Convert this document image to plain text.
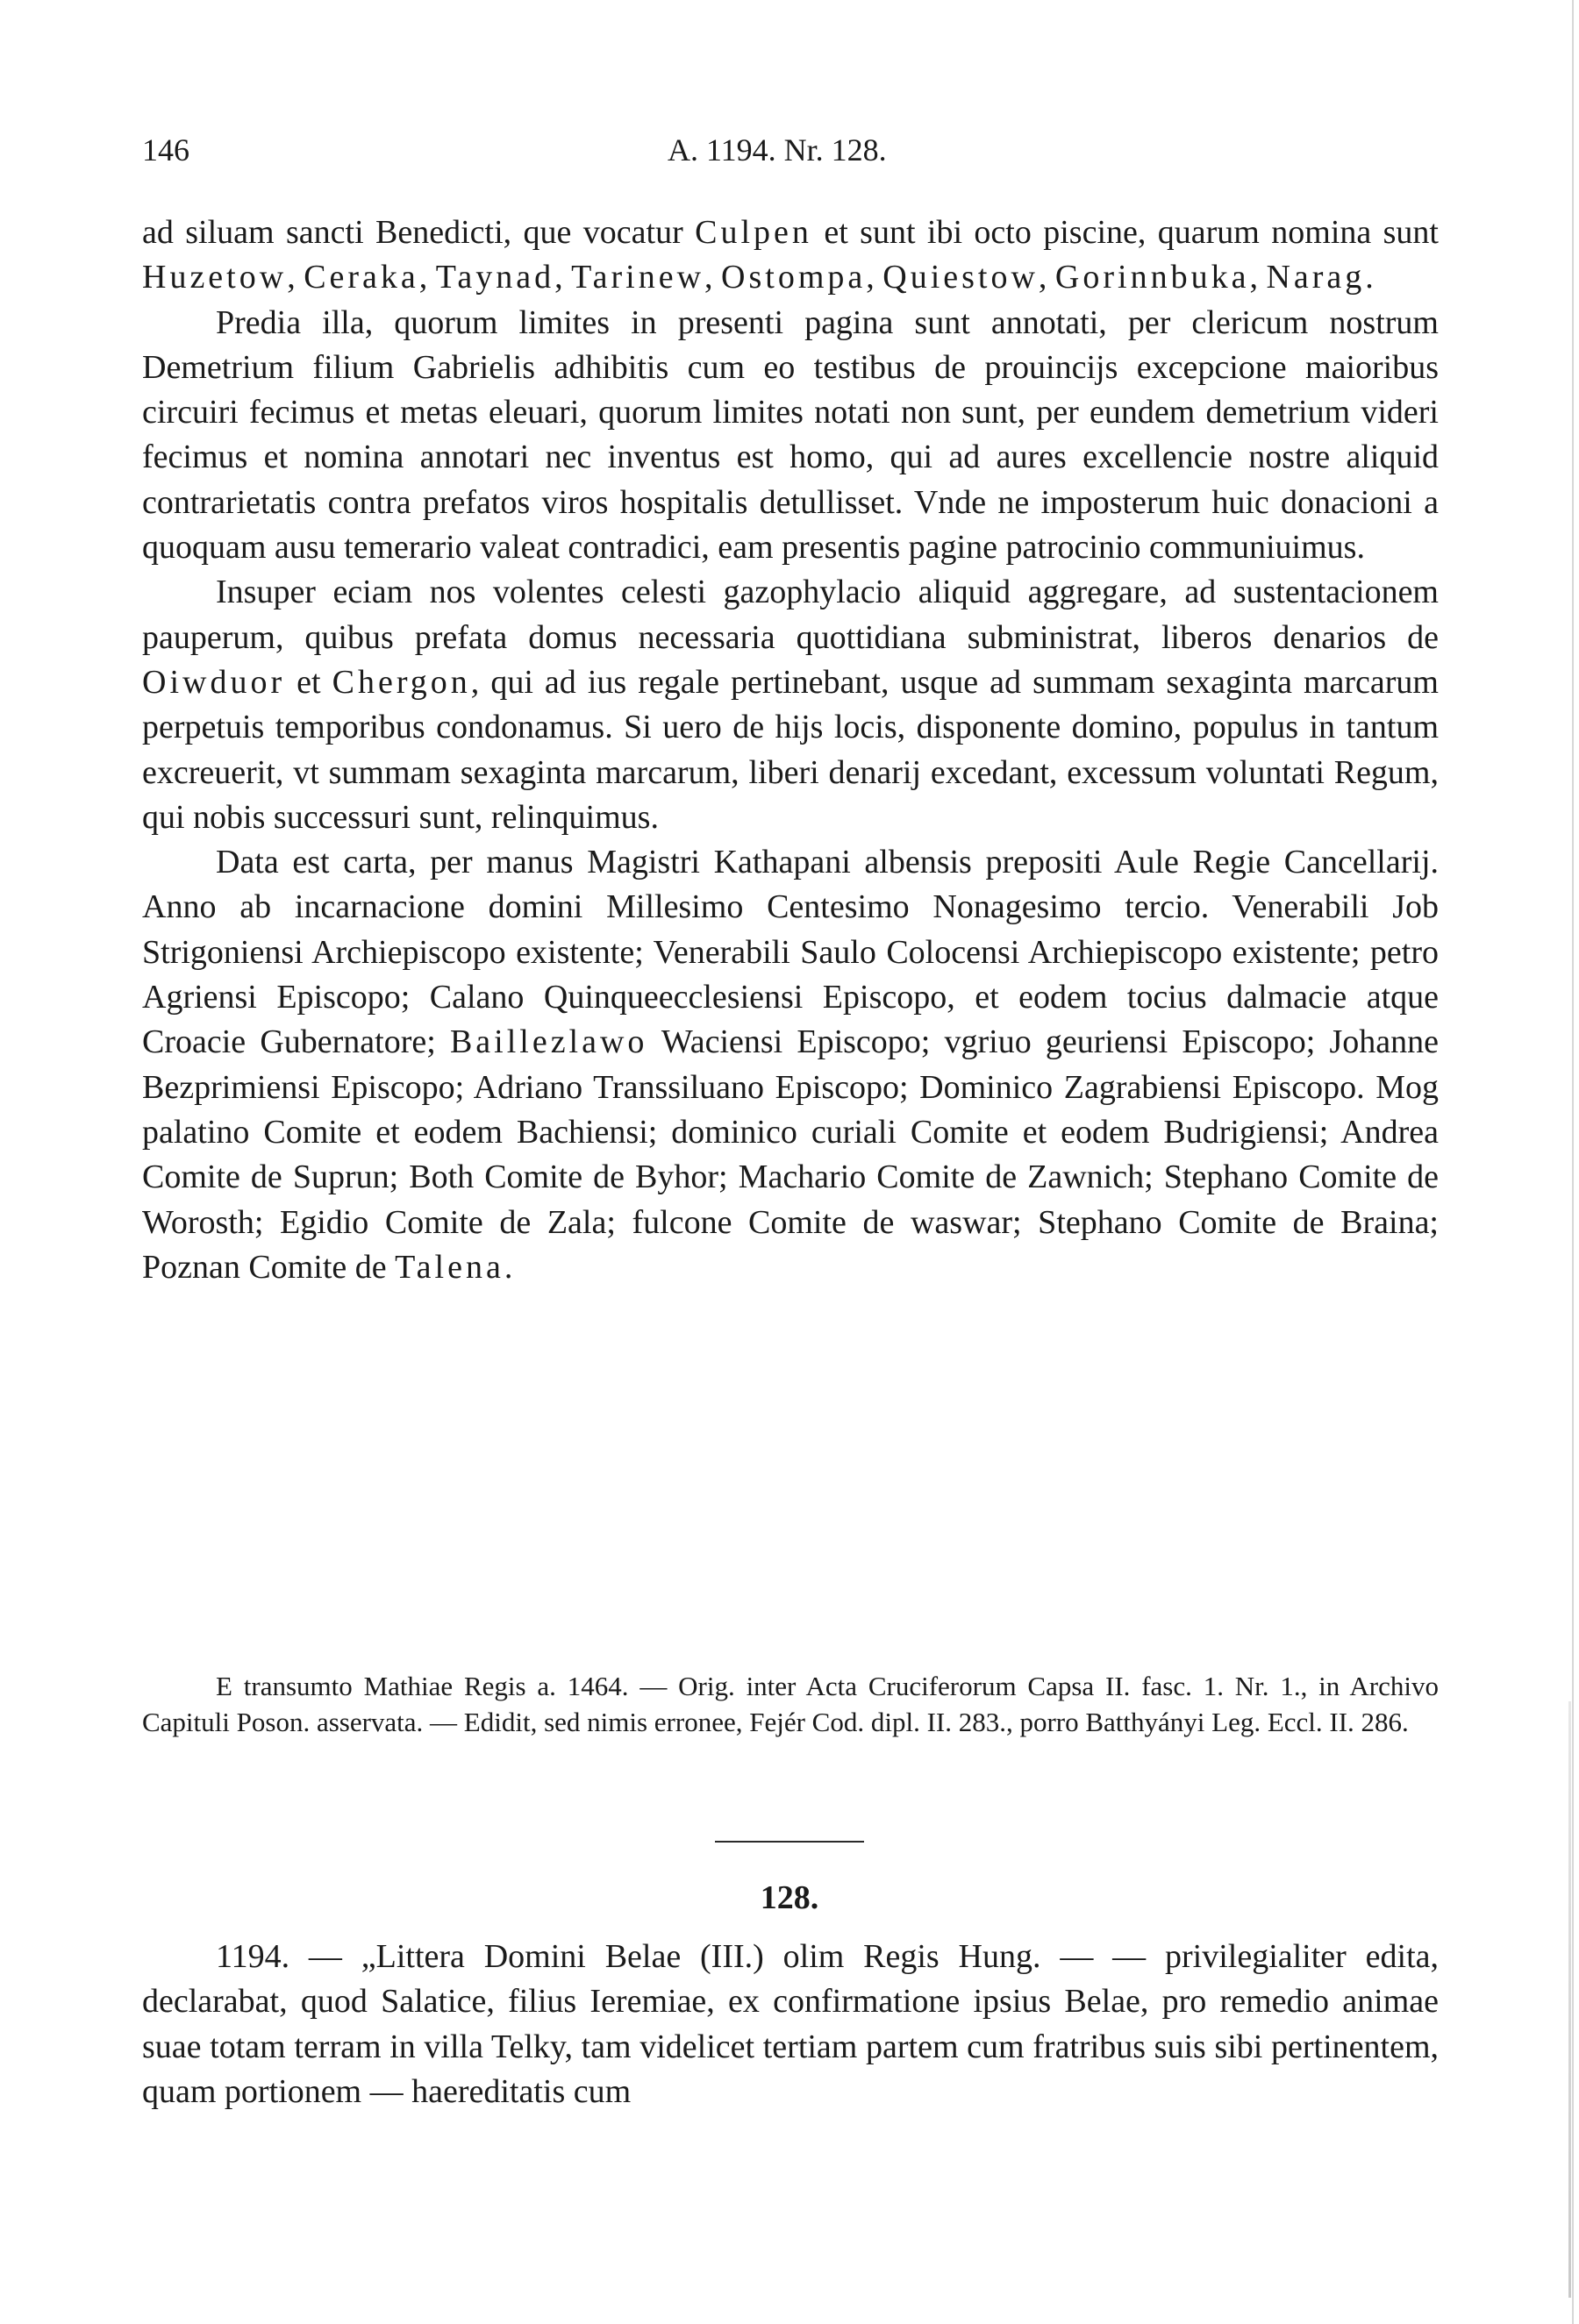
146	A. 1194. Nr. 128.

ad siluam sancti Benedicti, que vocatur Culpen et sunt ibi octo piscine, quarum nomina sunt Huzetow, Ceraka, Taynad, Tarinew, Ostompa, Quiestow, Gorinnbuka, Narag.

Predia illa, quorum limites in presenti pagina sunt annotati, per clericum nostrum Demetrium filium Gabrielis adhibitis cum eo testibus de prouincijs excepcione maioribus circuiri fecimus et metas eleuari, quorum limites notati non sunt, per eundem demetrium videri fecimus et nomina annotari nec inventus est homo, qui ad aures excellencie nostre aliquid contrarietatis contra prefatos viros hospitalis detullisset. Vnde ne imposterum huic donacioni a quoquam ausu temerario valeat contradici, eam presentis pagine patrocinio communiuimus.

Insuper eciam nos volentes celesti gazophylacio aliquid aggregare, ad sustentacionem pauperum, quibus prefata domus necessaria quottidiana subministrat, liberos denarios de Oiwduor et Chergon, qui ad ius regale pertinebant, usque ad summam sexaginta marcarum perpetuis temporibus condonamus. Si uero de hijs locis, disponente domino, populus in tantum excreuerit, vt summam sexaginta marcarum, liberi denarij excedant, excessum voluntati Regum, qui nobis successuri sunt, relinquimus.

Data est carta, per manus Magistri Kathapani albensis prepositi Aule Regie Cancellarij. Anno ab incarnacione domini Millesimo Centesimo Nonagesimo tercio. Venerabili Job Strigoniensi Archiepiscopo existente; Venerabili Saulo Colocensi Archiepiscopo existente; petro Agriensi Episcopo; Calano Quinqueecclesiensi Episcopo, et eodem tocius dalmacie atque Croacie Gubernatore; Baillezlawo Waciensi Episcopo; vgriuo geuriensi Episcopo; Johanne Bezprimiensi Episcopo; Adriano Transsiluano Episcopo; Dominico Zagrabiensi Episcopo. Mog palatino Comite et eodem Bachiensi; dominico curiali Comite et eodem Budrigiensi; Andrea Comite de Suprun; Both Comite de Byhor; Machario Comite de Zawnich; Stephano Comite de Worosth; Egidio Comite de Zala; fulcone Comite de waswar; Stephano Comite de Braina; Poznan Comite de Talena.

E transumto Mathiae Regis a. 1464. — Orig. inter Acta Cruciferorum Capsa II. fasc. 1. Nr. 1., in Archivo Capituli Poson. asservata. — Edidit, sed nimis erronee, Fejér Cod. dipl. II. 283., porro Batthyányi Leg. Eccl. II. 286.

128.

1194. — „Littera Domini Belae (III.) olim Regis Hung. — — privilegialiter edita, declarabat, quod Salatice, filius Ieremiae, ex confirmatione ipsius Belae, pro remedio animae suae totam terram in villa Telky, tam videlicet tertiam partem cum fratribus suis sibi pertinentem, quam portionem — haereditatis cum
